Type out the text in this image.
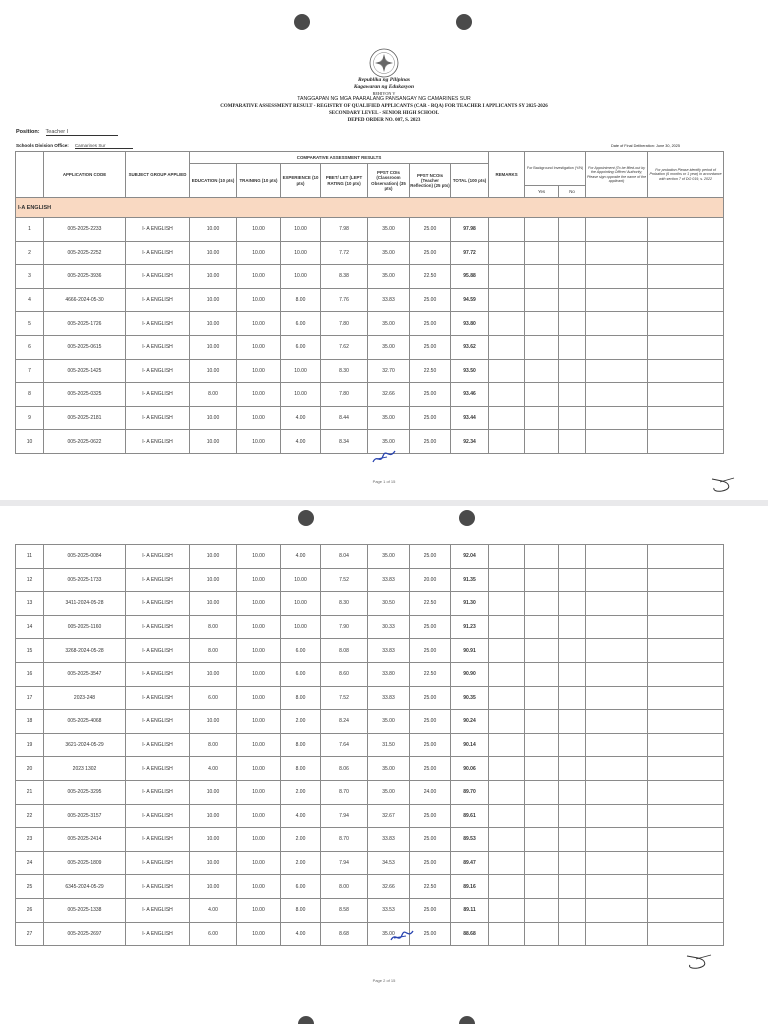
Republika ng Pilipinas
Kagawaran ng Edukasyon
REHIYON V
TANGGAPAN NG MGA PAARALANG PANSANGAY NG CAMARINES SUR
COMPARATIVE ASSESSMENT RESULT - REGISTRY OF QUALIFIED APPLICANTS (CAR - RQA) FOR TEACHER I APPLICANTS SY 2025-2026
SECONDARY LEVEL - SENIOR HIGH SCHOOL
DEPED ORDER NO. 007, S. 2023
Position: Teacher I
Schools Division Office: Camarines Sur	Date of Final Deliberation: June 30, 2025
	APPLICATION CODE	SUBJECT GROUP APPLIED	COMPARATIVE ASSESSMENT RESULTS							REMARKS	For Background Investigation (Y/N)		For Appointment (To be filled-out by the Appointing Officer/ Authority; Please sign opposite the name of the applicant)	For probation Please identify period of Probation (6 months or 1 year) in accordance with section 7 of DO 019, s. 2022
			EDUCATION (10 pts)	TRAINING (10 pts)	EXPERIENCE (10 pts)	PBET/ LET (LEPT RATING (10 pts)	PPST COIs (Classroom Observation) (35 pts)	PPST NCOIs (Teacher Reflection) (25 pts)	TOTAL (100 pts)					
											Yes	No		
I-A ENGLISH														
1	005-2025-2233	I- A ENGLISH	10.00	10.00	10.00	7.98	35.00	25.00	97.98					
2	005-2025-2252	I- A ENGLISH	10.00	10.00	10.00	7.72	35.00	25.00	97.72					
3	005-2025-3936	I- A ENGLISH	10.00	10.00	10.00	8.38	35.00	22.50	95.88					
4	4666-2024-05-30	I- A ENGLISH	10.00	10.00	8.00	7.76	33.83	25.00	94.59					
5	005-2025-1726	I- A ENGLISH	10.00	10.00	6.00	7.80	35.00	25.00	93.80					
6	005-2025-0615	I- A ENGLISH	10.00	10.00	6.00	7.62	35.00	25.00	93.62					
7	005-2025-1425	I- A ENGLISH	10.00	10.00	10.00	8.30	32.70	22.50	93.50					
8	005-2025-0325	I- A ENGLISH	8.00	10.00	10.00	7.80	32.66	25.00	93.46					
9	005-2025-2181	I- A ENGLISH	10.00	10.00	4.00	8.44	35.00	25.00	93.44					
10	005-2025-0622	I- A ENGLISH	10.00	10.00	4.00	8.34	35.00	25.00	92.34					
Page 1 of 15
11	005-2025-0084	I- A ENGLISH	10.00	10.00	4.00	8.04	35.00	25.00	92.04					
12	005-2025-1733	I- A ENGLISH	10.00	10.00	10.00	7.52	33.83	20.00	91.35					
13	3411-2024-05-28	I- A ENGLISH	10.00	10.00	10.00	8.30	30.50	22.50	91.30					
14	005-2025-1160	I- A ENGLISH	8.00	10.00	10.00	7.90	30.33	25.00	91.23					
15	3268-2024-05-28	I- A ENGLISH	8.00	10.00	6.00	8.08	33.83	25.00	90.91					
16	005-2025-3547	I- A ENGLISH	10.00	10.00	6.00	8.60	33.80	22.50	90.90					
17	2023-248	I- A ENGLISH	6.00	10.00	8.00	7.52	33.83	25.00	90.35					
18	005-2025-4068	I- A ENGLISH	10.00	10.00	2.00	8.24	35.00	25.00	90.24					
19	3621-2024-05-29	I- A ENGLISH	8.00	10.00	8.00	7.64	31.50	25.00	90.14					
20	2023 1302	I- A ENGLISH	4.00	10.00	8.00	8.06	35.00	25.00	90.06					
21	005-2025-3295	I- A ENGLISH	10.00	10.00	2.00	8.70	35.00	24.00	89.70					
22	005-2025-3157	I- A ENGLISH	10.00	10.00	4.00	7.94	32.67	25.00	89.61					
23	005-2025-2414	I- A ENGLISH	10.00	10.00	2.00	8.70	33.83	25.00	89.53					
24	005-2025-1809	I- A ENGLISH	10.00	10.00	2.00	7.94	34.53	25.00	89.47					
25	6345-2024-05-29	I- A ENGLISH	10.00	10.00	6.00	8.00	32.66	22.50	89.16					
26	005-2025-1338	I- A ENGLISH	4.00	10.00	8.00	8.58	33.53	25.00	89.11					
27	005-2025-2697	I- A ENGLISH	6.00	10.00	4.00	8.68	35.00	25.00	88.68					
Page 2 of 15
